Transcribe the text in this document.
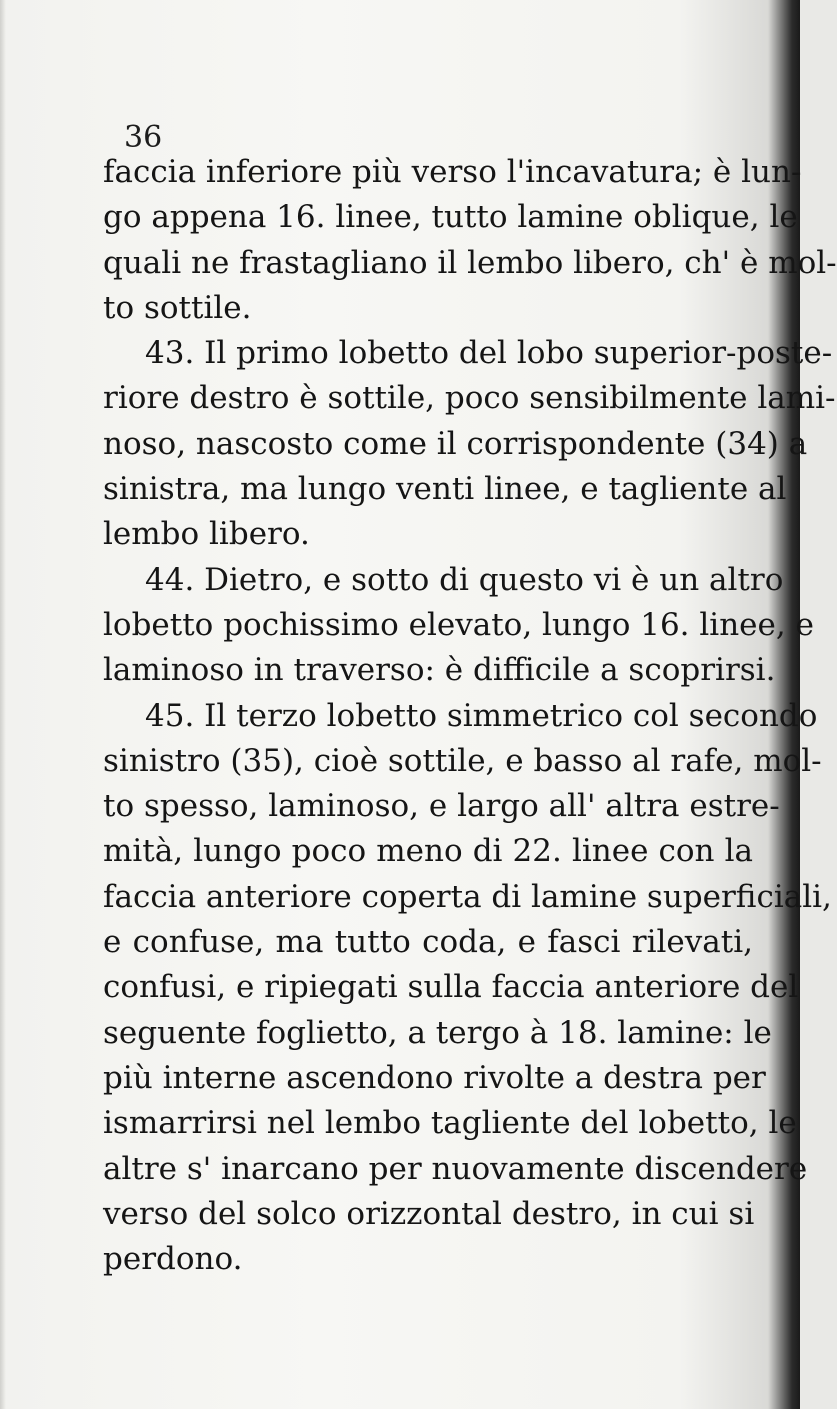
36
faccia inferiore più verso l'incavatura; è lun-
go appena 16. linee, tutto lamine oblique, le
quali ne frastagliano il lembo libero, ch' è mol-
to sottile.
43. Il primo lobetto del lobo superior-poste-
riore destro è sottile, poco sensibilmente lami-
noso, nascosto come il corrispondente (34) a
sinistra, ma lungo venti linee, e tagliente al
lembo libero.
44. Dietro, e sotto di questo vi è un altro
lobetto pochissimo elevato, lungo 16. linee, e
laminoso in traverso: è difficile a scoprirsi.
45. Il terzo lobetto simmetrico col secondo
sinistro (35), cioè sottile, e basso al rafe, mol-
to spesso, laminoso, e largo all' altra estre-
mità, lungo poco meno di 22. linee con la
faccia anteriore coperta di lamine superficiali,
e confuse, ma tutto coda, e fasci rilevati,
confusi, e ripiegati sulla faccia anteriore del
seguente foglietto, a tergo à 18. lamine: le
più interne ascendono rivolte a destra per
ismarrirsi nel lembo tagliente del lobetto, le
altre s' inarcano per nuovamente discendere
verso del solco orizzontal destro, in cui si
perdono.
